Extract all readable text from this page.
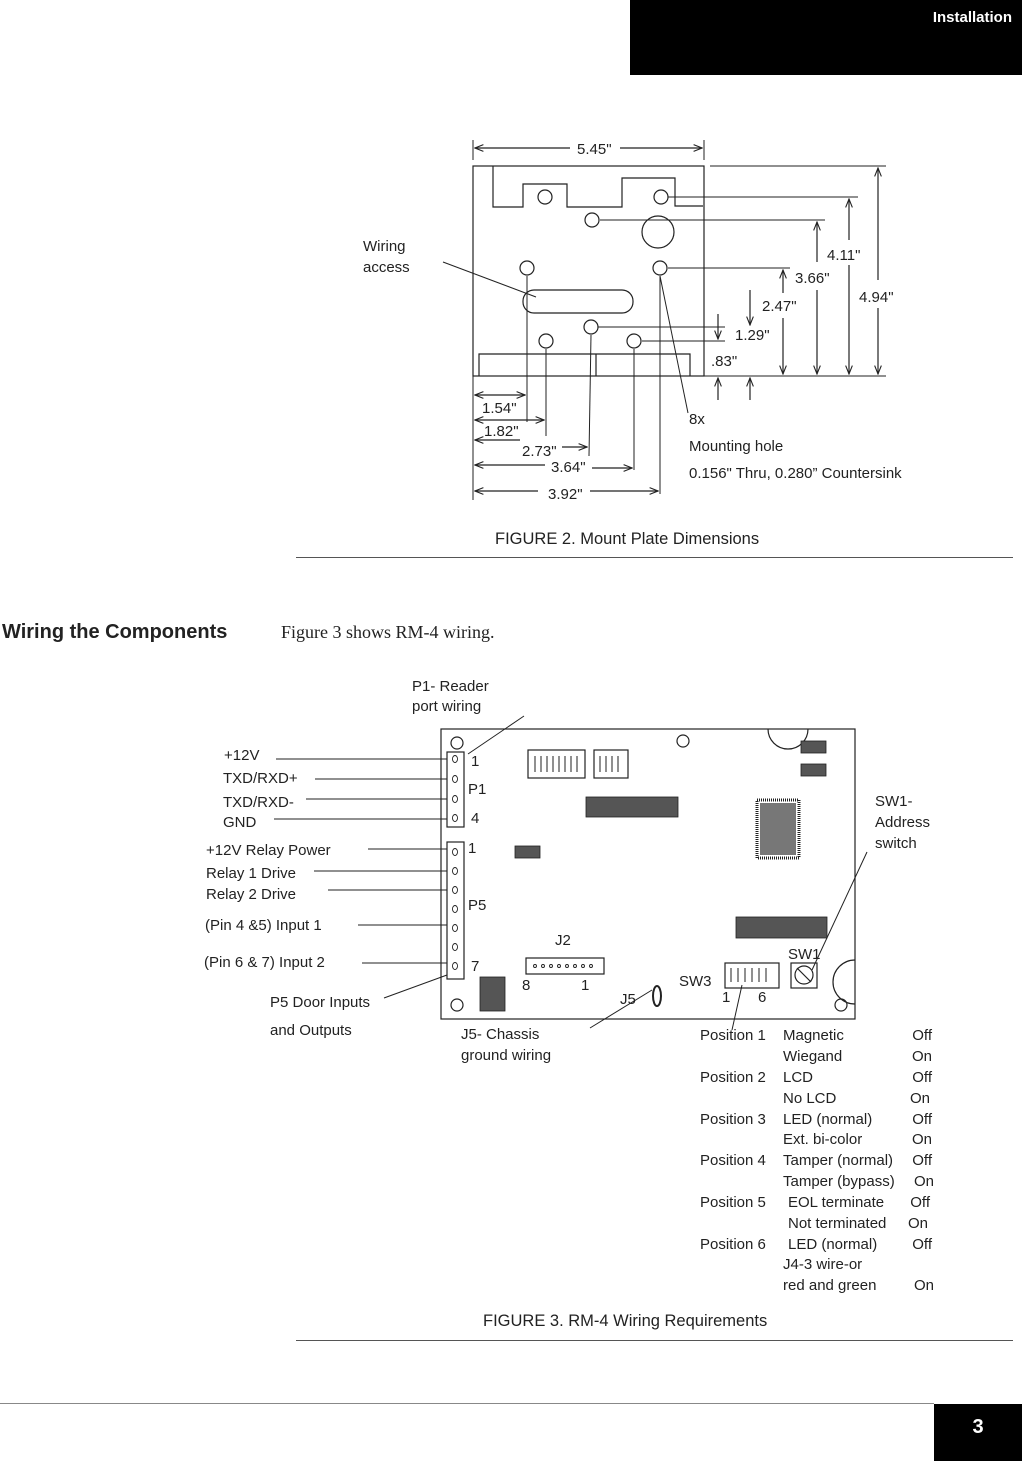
Installation
5.45"
4.11"
3.66"
4.94"
2.47"
1.29"
.83"
1.54"
1.82"
2.73"
3.64"
3.92"
Wiring
access
8x
Mounting hole
0.156" Thru, 0.280” Countersink
FIGURE 2. Mount Plate Dimensions
Wiring the Components	Figure 3 shows RM-4 wiring.
P1- Reader
port wiring
+12V
TXD/RXD+
TXD/RXD-
GND
+12V Relay Power
Relay 1 Drive
Relay 2 Drive
(Pin 4 &5) Input 1
(Pin 6 & 7) Input 2
P5 Door Inputs
and Outputs	J5- Chassis
ground wiring
SW1-
Address
switch
1
P1
4
1
P5
7
J2
8	1
J5
SW3
1 6
SW1
Position 1 Magnetic	Off
Wiegand	On
Position 2 LCD	Off
No LCD	On
Position 3 LED (normal)	Off
Ext. bi-color	On
Position 4 Tamper (normal) Off
Tamper (bypass) On
Position 5 EOL terminate Off
Not terminated On
Position 6 LED (normal) Off
J4-3 wire-or
red and green	On
FIGURE 3. RM-4 Wiring Requirements
3
